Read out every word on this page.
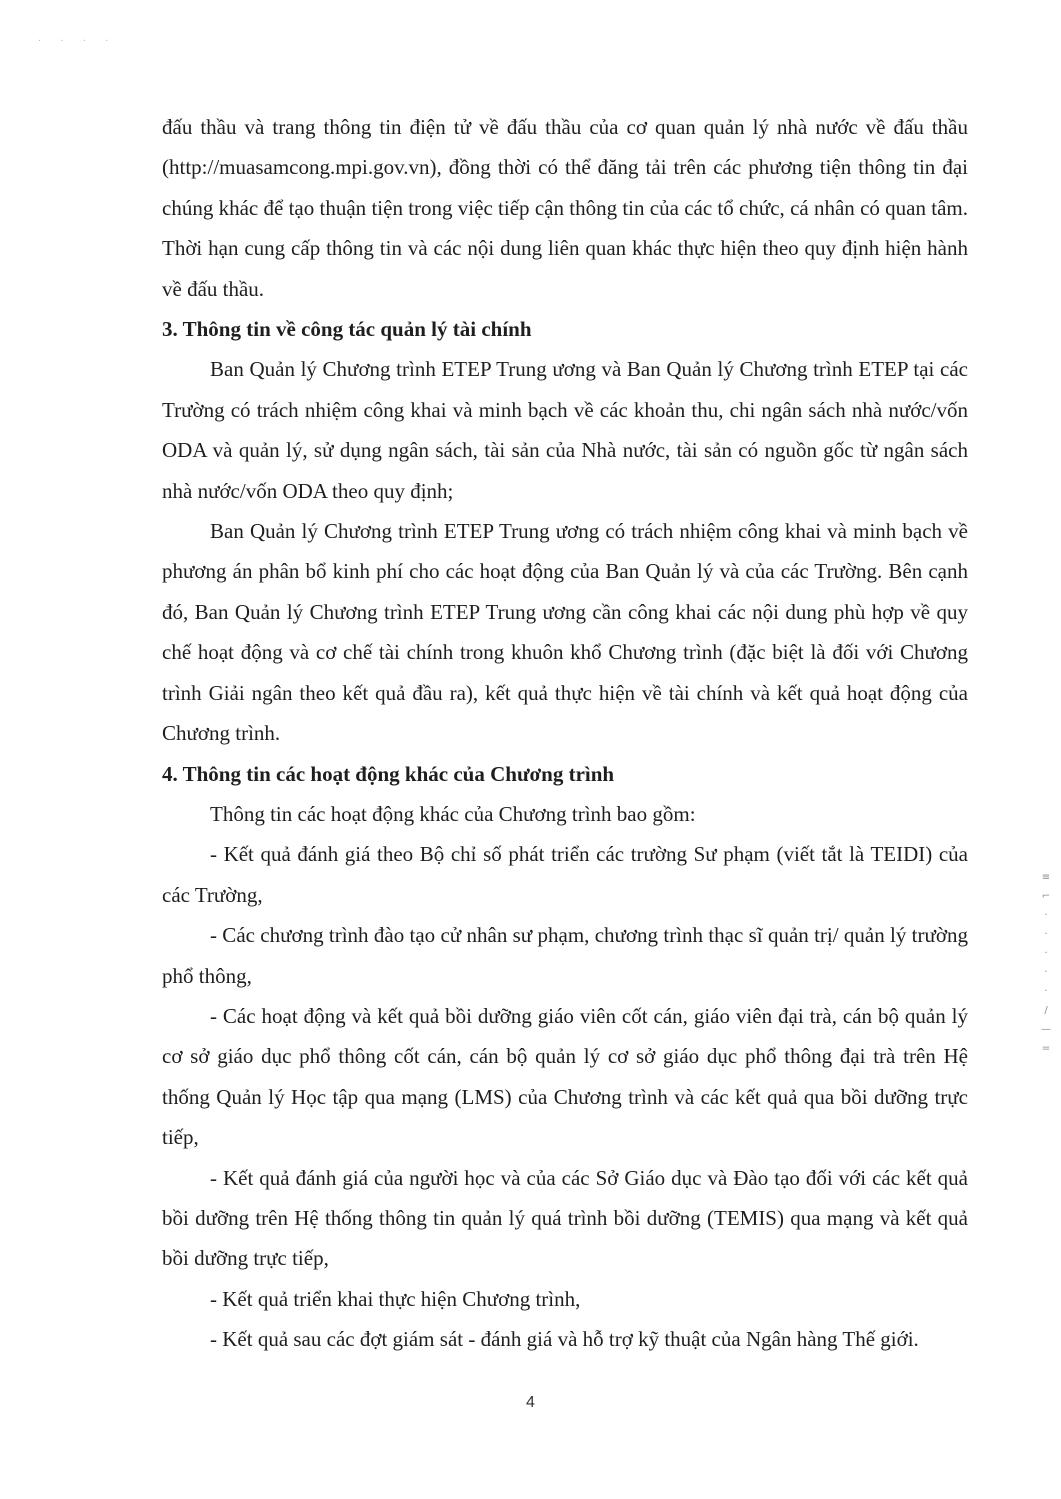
· · · ·

đấu thầu và trang thông tin điện tử về đấu thầu của cơ quan quản lý nhà nước về đấu thầu (http://muasamcong.mpi.gov.vn), đồng thời có thể đăng tải trên các phương tiện thông tin đại chúng khác để tạo thuận tiện trong việc tiếp cận thông tin của các tổ chức, cá nhân có quan tâm. Thời hạn cung cấp thông tin và các nội dung liên quan khác thực hiện theo quy định hiện hành về đấu thầu.

3. Thông tin về công tác quản lý tài chính

Ban Quản lý Chương trình ETEP Trung ương và Ban Quản lý Chương trình ETEP tại các Trường có trách nhiệm công khai và minh bạch về các khoản thu, chi ngân sách nhà nước/vốn ODA và quản lý, sử dụng ngân sách, tài sản của Nhà nước, tài sản có nguồn gốc từ ngân sách nhà nước/vốn ODA theo quy định;

Ban Quản lý Chương trình ETEP Trung ương có trách nhiệm công khai và minh bạch về phương án phân bổ kinh phí cho các hoạt động của Ban Quản lý và của các Trường. Bên cạnh đó, Ban Quản lý Chương trình ETEP Trung ương cần công khai các nội dung phù hợp về quy chế hoạt động và cơ chế tài chính trong khuôn khổ Chương trình (đặc biệt là đối với Chương trình Giải ngân theo kết quả đầu ra), kết quả thực hiện về tài chính và kết quả hoạt động của Chương trình.

4. Thông tin các hoạt động khác của Chương trình

Thông tin các hoạt động khác của Chương trình bao gồm:

- Kết quả đánh giá theo Bộ chỉ số phát triển các trường Sư phạm (viết tắt là TEIDI) của các Trường,

- Các chương trình đào tạo cử nhân sư phạm, chương trình thạc sĩ quản trị/ quản lý trường phổ thông,

- Các hoạt động và kết quả bồi dưỡng giáo viên cốt cán, giáo viên đại trà, cán bộ quản lý cơ sở giáo dục phổ thông cốt cán, cán bộ quản lý cơ sở giáo dục phổ thông đại trà trên Hệ thống Quản lý Học tập qua mạng (LMS) của Chương trình và các kết quả qua bồi dưỡng trực tiếp,

- Kết quả đánh giá của người học và của các Sở Giáo dục và Đào tạo đối với các kết quả bồi dưỡng trên Hệ thống thông tin quản lý quá trình bồi dưỡng (TEMIS) qua mạng và kết quả bồi dưỡng trực tiếp,

- Kết quả triển khai thực hiện Chương trình,

- Kết quả sau các đợt giám sát - đánh giá và hỗ trợ kỹ thuật của Ngân hàng Thế giới.

4
≡
⌐
·
·
·
·
·
/
—
=
